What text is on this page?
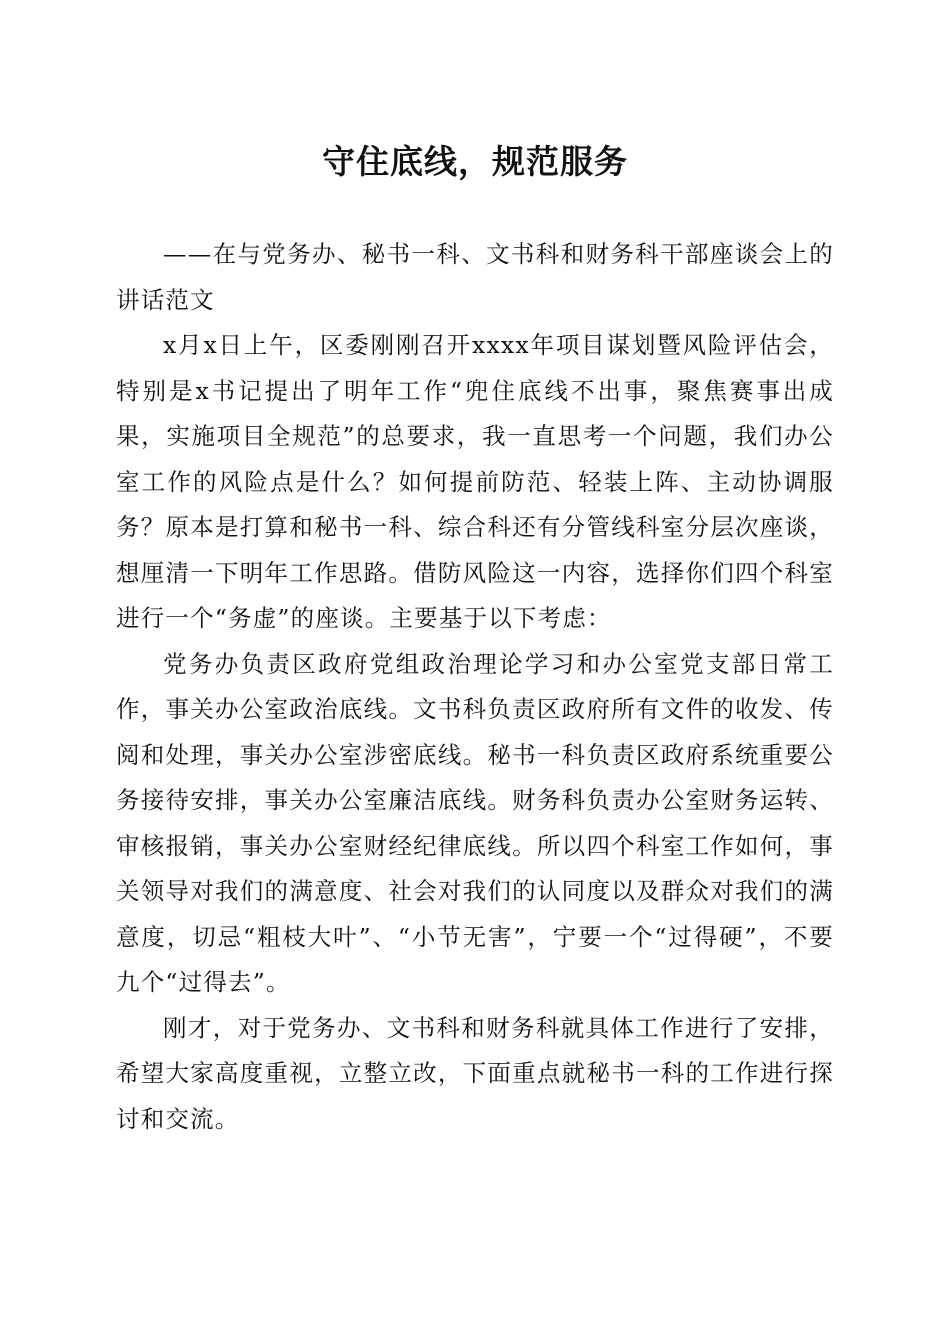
守住底线，规范服务

——在与党务办、秘书一科、文书科和财务科干部座谈会上的讲话范文

x月x日上午，区委刚刚召开xxxx年项目谋划暨风险评估会，特别是x书记提出了明年工作“兜住底线不出事，聚焦赛事出成果，实施项目全规范”的总要求，我一直思考一个问题，我们办公室工作的风险点是什么？如何提前防范、轻装上阵、主动协调服务？原本是打算和秘书一科、综合科还有分管线科室分层次座谈，想厘清一下明年工作思路。借防风险这一内容，选择你们四个科室进行一个“务虚”的座谈。主要基于以下考虑：

党务办负责区政府党组政治理论学习和办公室党支部日常工作，事关办公室政治底线。文书科负责区政府所有文件的收发、传阅和处理，事关办公室涉密底线。秘书一科负责区政府系统重要公务接待安排，事关办公室廉洁底线。财务科负责办公室财务运转、审核报销，事关办公室财经纪律底线。所以四个科室工作如何，事关领导对我们的满意度、社会对我们的认同度以及群众对我们的满意度，切忌“粗枝大叶”、“小节无害”，宁要一个“过得硬”，不要九个“过得去”。

刚才，对于党务办、文书科和财务科就具体工作进行了安排，希望大家高度重视，立整立改，下面重点就秘书一科的工作进行探讨和交流。
